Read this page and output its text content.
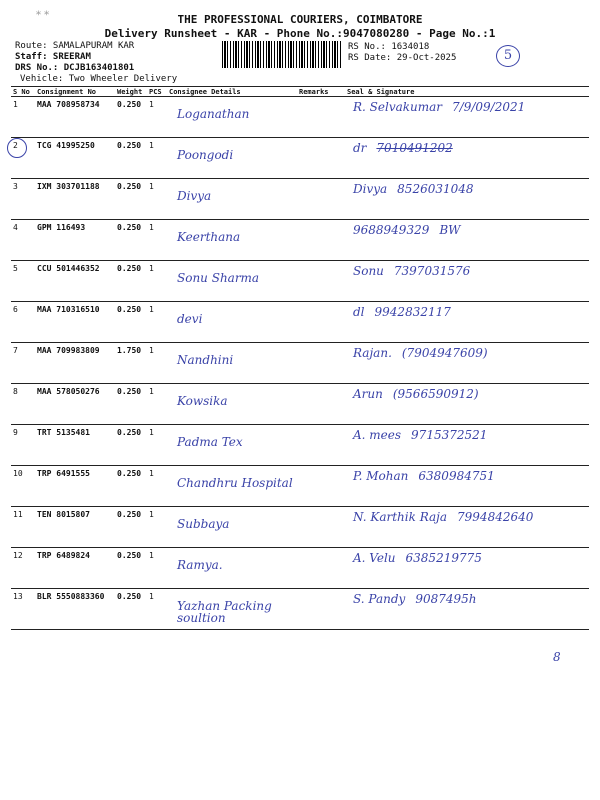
* *	THE PROFESSIONAL COURIERS, COIMBATORE
Delivery Runsheet - KAR - Phone No.:9047080280 - Page No.:1
Route: SAMALAPURAM KAR
Staff: SREERAM
DRS No.: DCJB163401801
Vehicle: Two Wheeler Delivery
RS No.: 1634018
RS Date: 29-Oct-2025	5
S No	Consignment No	Weight	PCS	Consignee Details	Remarks	Seal & Signature
1	MAA 708958734	0.250	1	Loganathan		R. Selvakumar 7/9/09/2021
2	TCG 41995250	0.250	1	Poongodi		dr 7010491202
3	IXM 303701188	0.250	1	Divya		Divya 8526031048
4	GPM 116493	0.250	1	Keerthana		9688949329 BW
5	CCU 501446352	0.250	1	Sonu Sharma		Sonu 7397031576
6	MAA 710316510	0.250	1	devi		dl 9942832117
7	MAA 709983809	1.750	1	Nandhini		Rajan. (7904947609)
8	MAA 578050276	0.250	1	Kowsika		Arun (9566590912)
9	TRT 5135481	0.250	1	Padma Tex		A. mees 9715372521
10	TRP 6491555	0.250	1	Chandhru Hospital		P. Mohan 6380984751
11	TEN 8015807	0.250	1	Subbaya		N. Karthik Raja 7994842640
12	TRP 6489824	0.250	1	Ramya.		A. Velu 6385219775
13	BLR 5550883360	0.250	1	Yazhan Packing soultion		S. Pandy 9087495h
8
